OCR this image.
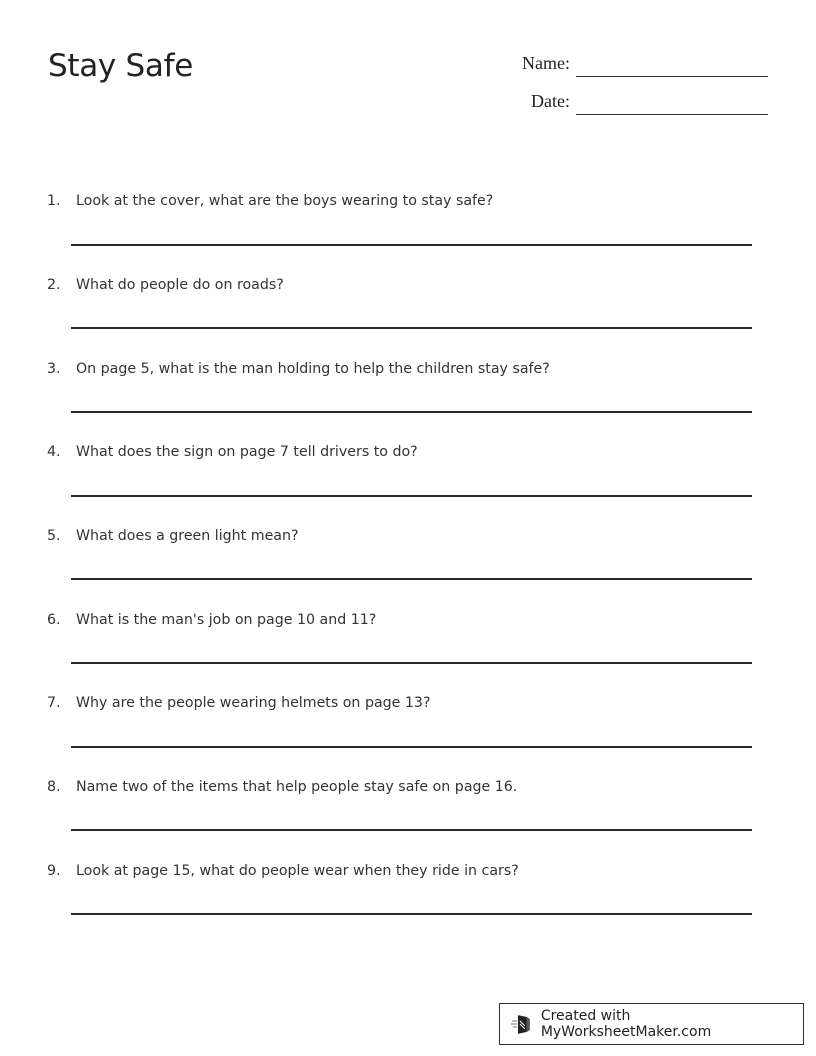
Stay Safe	Name:
Date:
1. Look at the cover, what are the boys wearing to stay safe?
2. What do people do on roads?
3. On page 5, what is the man holding to help the children stay safe?
4. What does the sign on page 7 tell drivers to do?
5. What does a green light mean?
6. What is the man's job on page 10 and 11?
7. Why are the people wearing helmets on page 13?
8. Name two of the items that help people stay safe on page 16.
9. Look at page 15, what do people wear when they ride in cars?
Created with MyWorksheetMaker.com
